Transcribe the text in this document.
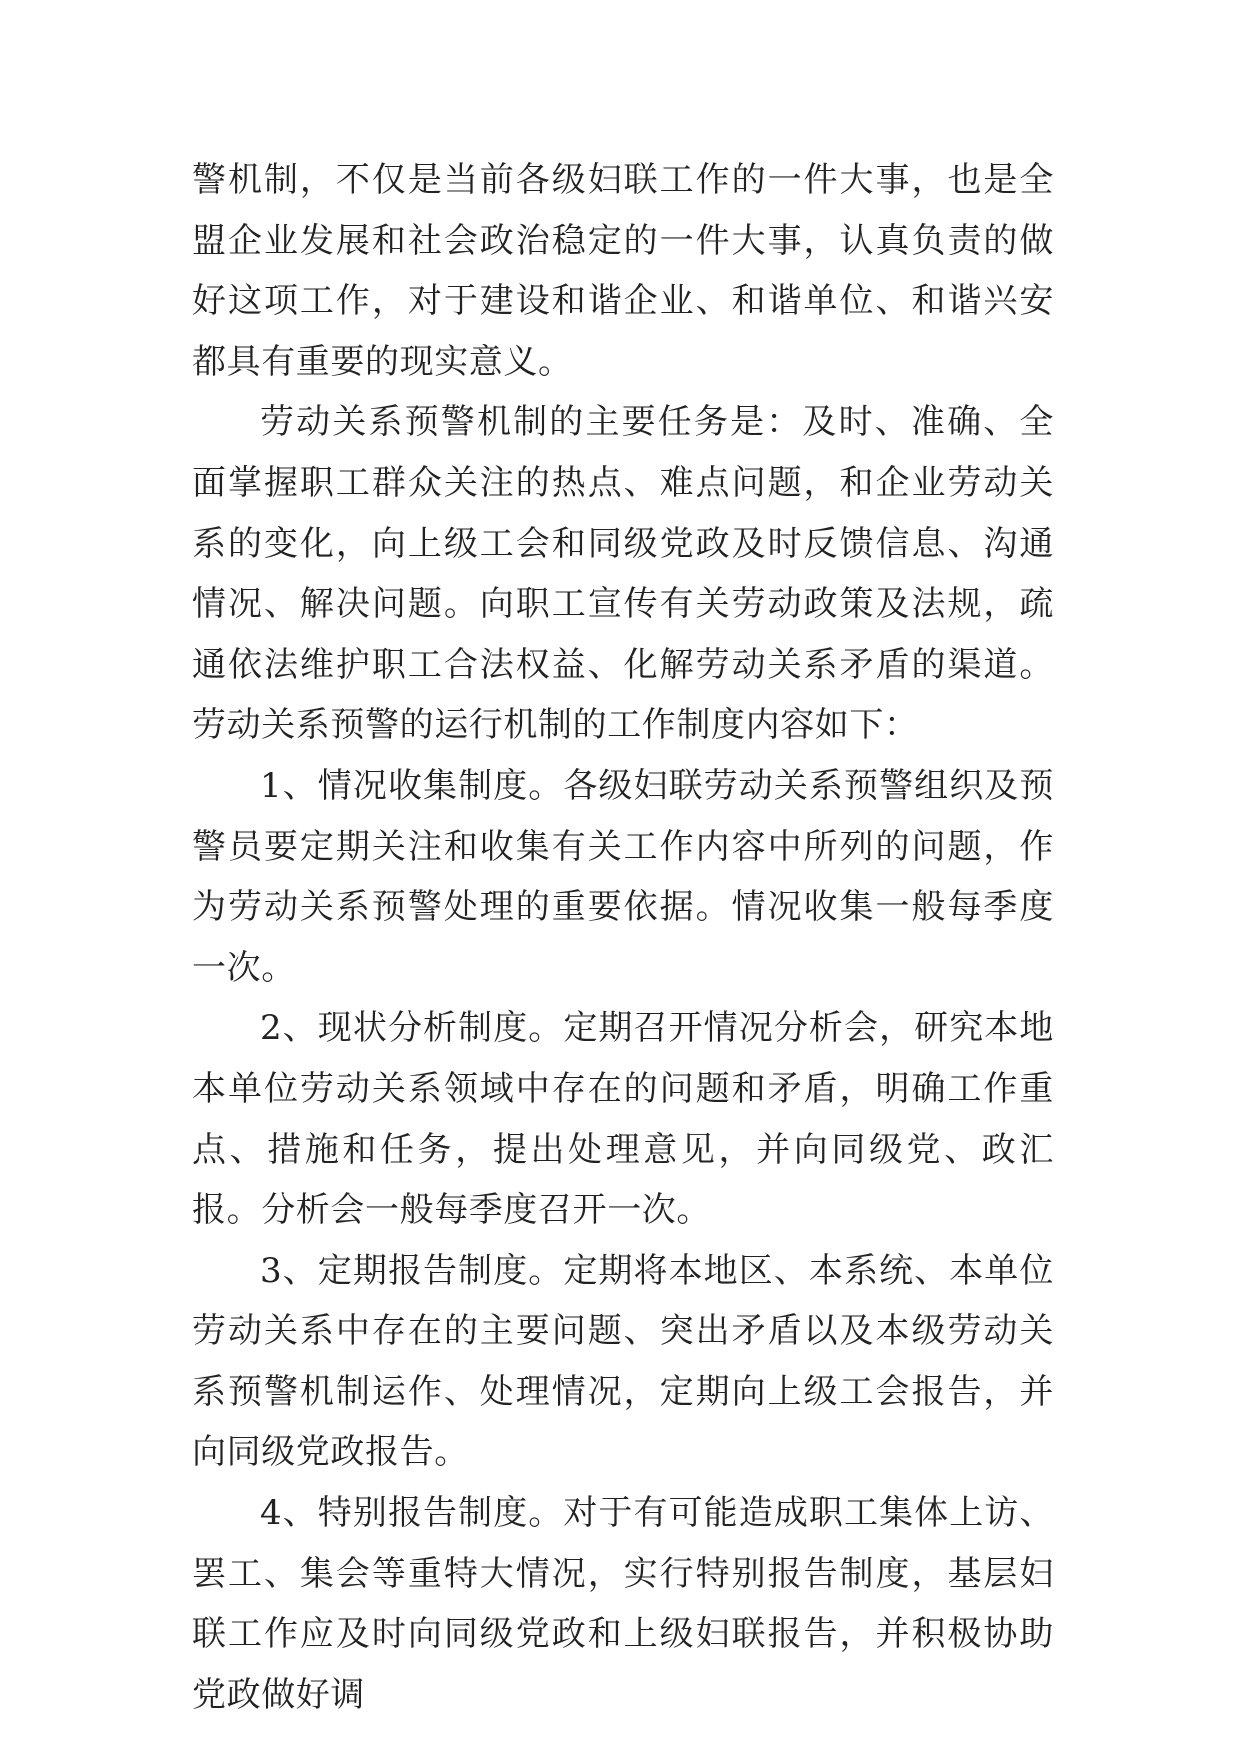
警机制，不仅是当前各级妇联工作的一件大事，也是全盟企业发展和社会政治稳定的一件大事，认真负责的做好这项工作，对于建设和谐企业、和谐单位、和谐兴安都具有重要的现实意义。

劳动关系预警机制的主要任务是：及时、准确、全面掌握职工群众关注的热点、难点问题，和企业劳动关系的变化，向上级工会和同级党政及时反馈信息、沟通情况、解决问题。向职工宣传有关劳动政策及法规，疏通依法维护职工合法权益、化解劳动关系矛盾的渠道。劳动关系预警的运行机制的工作制度内容如下：

1、情况收集制度。各级妇联劳动关系预警组织及预警员要定期关注和收集有关工作内容中所列的问题，作为劳动关系预警处理的重要依据。情况收集一般每季度一次。

2、现状分析制度。定期召开情况分析会，研究本地本单位劳动关系领域中存在的问题和矛盾，明确工作重点、措施和任务，提出处理意见，并向同级党、政汇报。分析会一般每季度召开一次。

3、定期报告制度。定期将本地区、本系统、本单位劳动关系中存在的主要问题、突出矛盾以及本级劳动关系预警机制运作、处理情况，定期向上级工会报告，并向同级党政报告。

4、特别报告制度。对于有可能造成职工集体上访、罢工、集会等重特大情况，实行特别报告制度，基层妇联工作应及时向同级党政和上级妇联报告，并积极协助党政做好调
